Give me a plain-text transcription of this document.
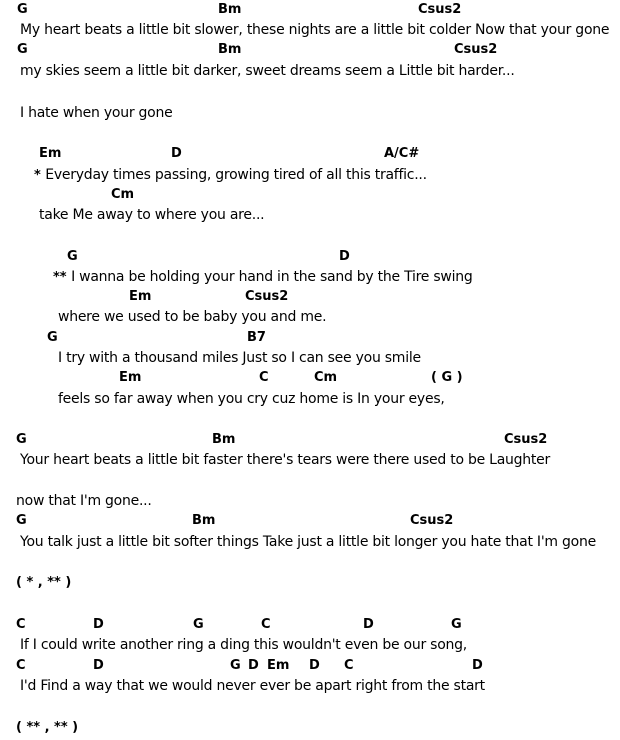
G	Bm	Csus2
My heart beats a little bit slower, these nights are a little bit colder Now that your gone
G	Bm	Csus2
my skies seem a little bit darker, sweet dreams seem a Little bit harder...
I hate when your gone
Em	D	A/C#
* Everyday times passing, growing tired of all this traffic...
Cm
take Me away to where you are...
G	D
** I wanna be holding your hand in the sand by the Tire swing
Em	Csus2
where we used to be baby you and me.
G	B7
I try with a thousand miles Just so I can see you smile
Em	C	Cm	( G )
feels so far away when you cry cuz home is In your eyes,
G	Bm	Csus2
Your heart beats a little bit faster there's tears were there used to be Laughter
now that I'm gone...
G	Bm	Csus2
You talk just a little bit softer things Take just a little bit longer you hate that I'm gone
( * , ** )
C	D	G	C	D	G
If I could write another ring a ding this wouldn't even be our song,
C	D	G D Em D C	D
I'd Find a way that we would never ever be apart right from the start
( ** , ** )
